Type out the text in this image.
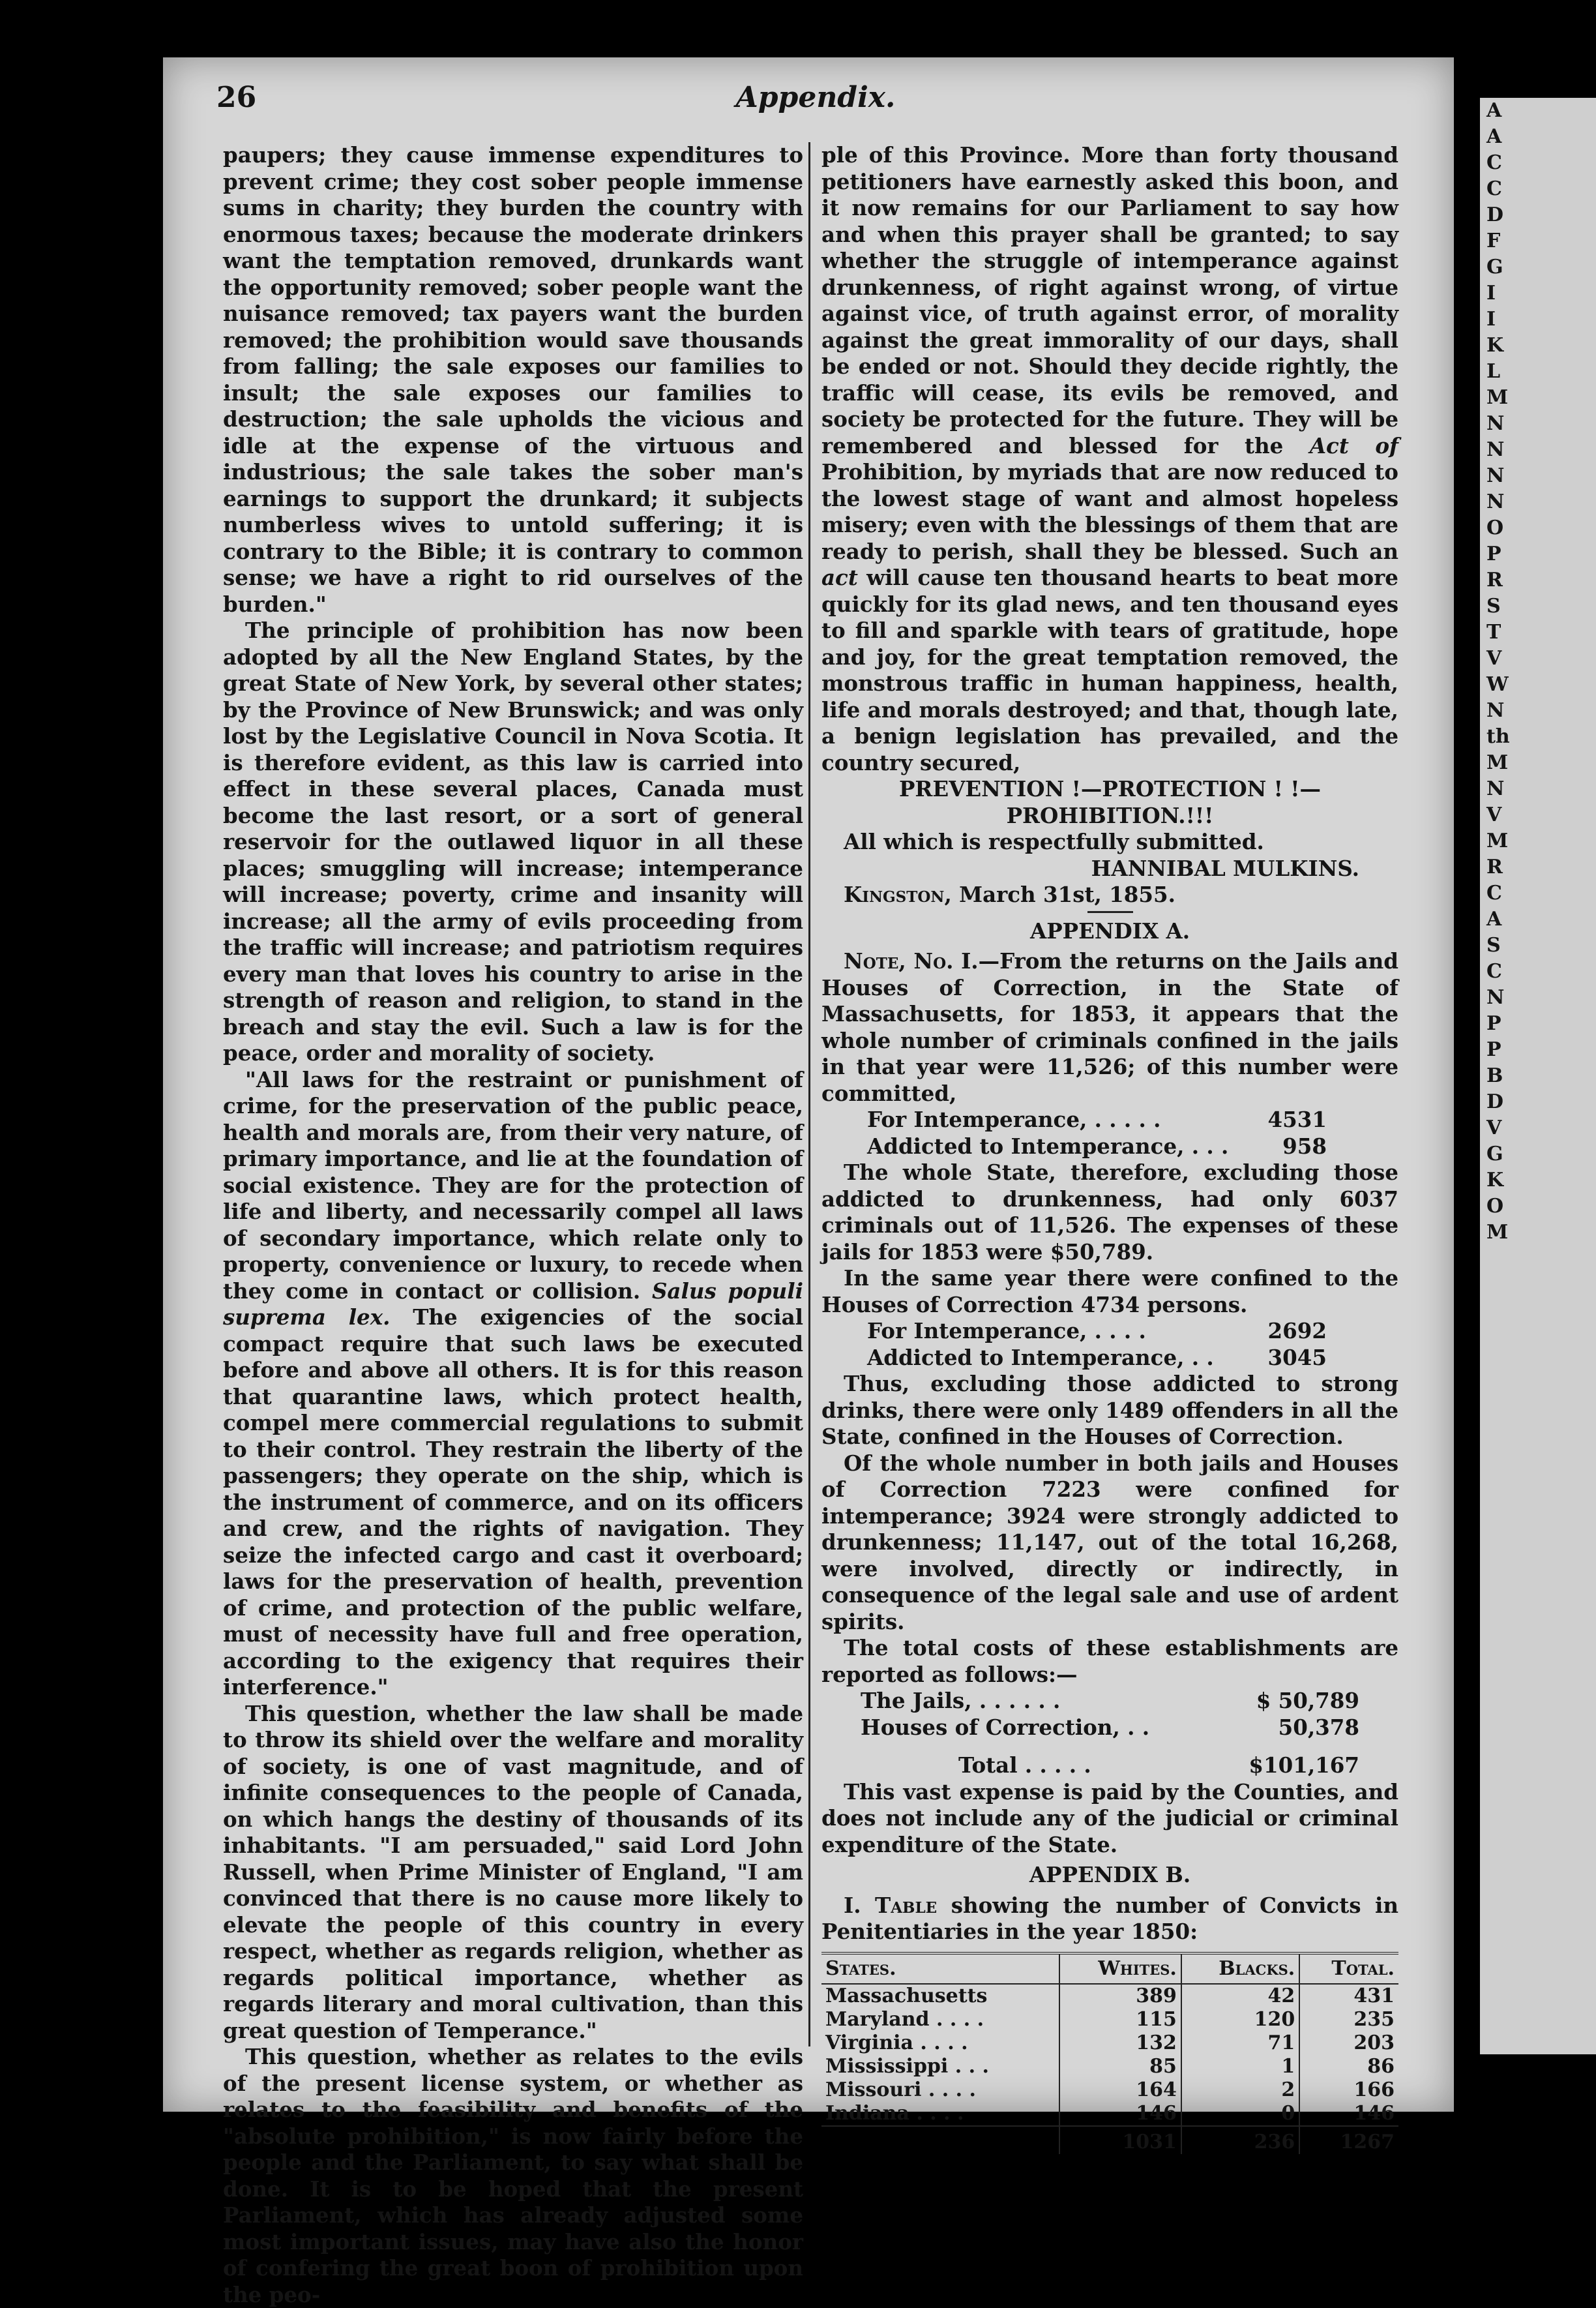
26	Appendix.

paupers; they cause immense expenditures to prevent crime; they cost sober people immense sums in charity; they burden the country with enormous taxes; because the moderate drinkers want the temptation removed, drunkards want the opportunity removed; sober people want the nuisance removed; tax payers want the burden removed; the prohibition would save thousands from falling; the sale exposes our families to insult; the sale exposes our families to destruction; the sale upholds the vicious and idle at the expense of the virtuous and industrious; the sale takes the sober man's earnings to support the drunkard; it subjects numberless wives to untold suffering; it is contrary to the Bible; it is contrary to common sense; we have a right to rid ourselves of the burden."

The principle of prohibition has now been adopted by all the New England States, by the great State of New York, by several other states; by the Province of New Brunswick; and was only lost by the Legislative Council in Nova Scotia. It is therefore evident, as this law is carried into effect in these several places, Canada must become the last resort, or a sort of general reservoir for the outlawed liquor in all these places; smuggling will increase; intemperance will increase; poverty, crime and insanity will increase; all the army of evils proceeding from the traffic will increase; and patriotism requires every man that loves his country to arise in the strength of reason and religion, to stand in the breach and stay the evil. Such a law is for the peace, order and morality of society.

"All laws for the restraint or punishment of crime, for the preservation of the public peace, health and morals are, from their very nature, of primary importance, and lie at the foundation of social existence. They are for the protection of life and liberty, and necessarily compel all laws of secondary importance, which relate only to property, convenience or luxury, to recede when they come in contact or collision. Salus populi suprema lex. The exigencies of the social compact require that such laws be executed before and above all others. It is for this reason that quarantine laws, which protect health, compel mere commercial regulations to submit to their control. They restrain the liberty of the passengers; they operate on the ship, which is the instrument of commerce, and on its officers and crew, and the rights of navigation. They seize the infected cargo and cast it overboard; laws for the preservation of health, prevention of crime, and protection of the public welfare, must of necessity have full and free operation, according to the exigency that requires their interference."

This question, whether the law shall be made to throw its shield over the welfare and morality of society, is one of vast magnitude, and of infinite consequences to the people of Canada, on which hangs the destiny of thousands of its inhabitants. "I am persuaded," said Lord John Russell, when Prime Minister of England, "I am convinced that there is no cause more likely to elevate the people of this country in every respect, whether as regards religion, whether as regards political importance, whether as regards literary and moral cultivation, than this great question of Temperance."

This question, whether as relates to the evils of the present license system, or whether as relates to the feasibility and benefits of the "absolute prohibition," is now fairly before the people and the Parliament, to say what shall be done. It is to be hoped that the present Parliament, which has already adjusted some most important issues, may have also the honor of confering the great boon of prohibition upon the peo-

ple of this Province. More than forty thousand petitioners have earnestly asked this boon, and it now remains for our Parliament to say how and when this prayer shall be granted; to say whether the struggle of intemperance against drunkenness, of right against wrong, of virtue against vice, of truth against error, of morality against the great immorality of our days, shall be ended or not. Should they decide rightly, the traffic will cease, its evils be removed, and society be protected for the future. They will be remembered and blessed for the Act of Prohibition, by myriads that are now reduced to the lowest stage of want and almost hopeless misery; even with the blessings of them that are ready to perish, shall they be blessed. Such an act will cause ten thousand hearts to beat more quickly for its glad news, and ten thousand eyes to fill and sparkle with tears of gratitude, hope and joy, for the great temptation removed, the monstrous traffic in human happiness, health, life and morals destroyed; and that, though late, a benign legislation has prevailed, and the country secured,

PREVENTION !—PROTECTION ! !—PROHIBITION.!!!

All which is respectfully submitted.

HANNIBAL MULKINS.

Kingston, March 31st, 1855.

APPENDIX A.

Note, No. I.—From the returns on the Jails and Houses of Correction, in the State of Massachusetts, for 1853, it appears that the whole number of criminals confined in the jails in that year were 11,526; of this number were committed,

For Intemperance, . . . . .	4531
Addicted to Intemperance, . . .	958

The whole State, therefore, excluding those addicted to drunkenness, had only 6037 criminals out of 11,526. The expenses of these jails for 1853 were $50,789.

In the same year there were confined to the Houses of Correction 4734 persons.

For Intemperance, . . . .	2692
Addicted to Intemperance, . .	3045

Thus, excluding those addicted to strong drinks, there were only 1489 offenders in all the State, confined in the Houses of Correction.

Of the whole number in both jails and Houses of Correction 7223 were confined for intemperance; 3924 were strongly addicted to drunkenness; 11,147, out of the total 16,268, were involved, directly or indirectly, in consequence of the legal sale and use of ardent spirits.

The total costs of these establishments are reported as follows:—

The Jails, . . . . . .	$ 50,789
Houses of Correction, . .	50,378
Total . . . . .	$101,167

This vast expense is paid by the Counties, and does not include any of the judicial or criminal expenditure of the State.

APPENDIX B.

I. Table showing the number of Convicts in Penitentiaries in the year 1850:

States.	Whites.	Blacks.	Total.
Massachusetts	389	42	431
Maryland . . . .	115	120	235
Virginia . . . .	132	71	203
Mississippi . . .	85	1	86
Missouri . . . .	164	2	166
Indiana . . . .	146	0	146
	1031	236	1267
A
A
C
C
D
F
G
I
I
K
L
M
N
N
N
N
O
P
R
S
T
V
W
N
th
M
N
V
M
R
C
A
S
C
N
P
P
B
D
V
G
K
O
M
